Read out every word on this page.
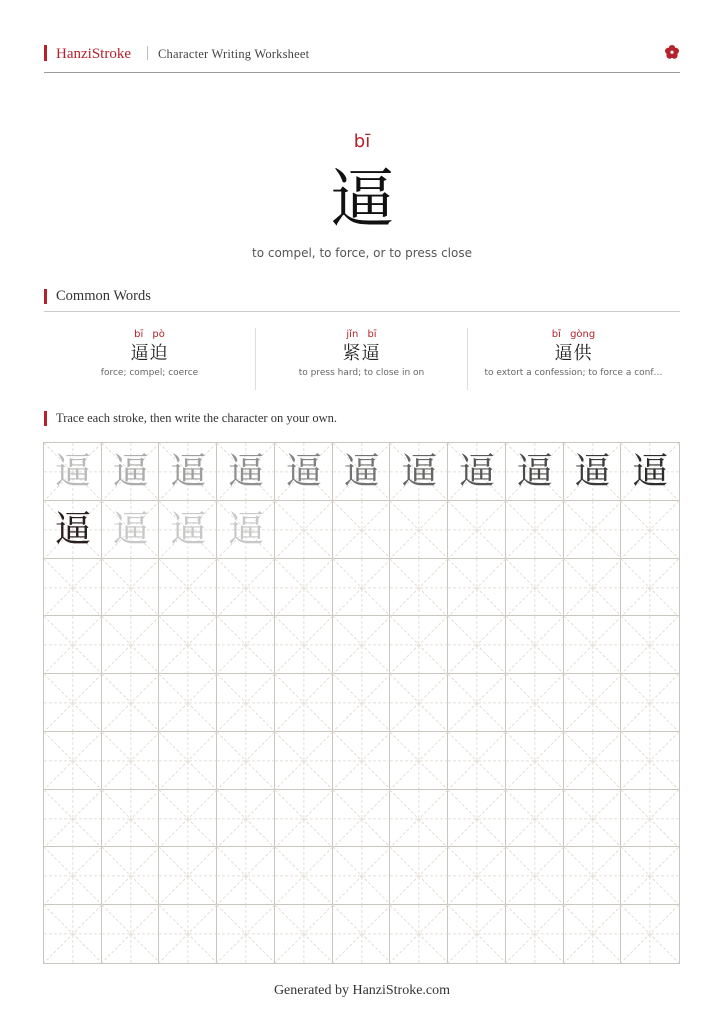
HanziStroke Character Writing Worksheet
bī
逼
to compel, to force, or to press close
Common Words
bī pò
逼迫
force; compel; coerce
jǐn bī
紧逼
to press hard; to close in on
bī gòng
逼供
to extort a confession; to force a conf…
Trace each stroke, then write the character on your own.
逼 逼 逼 逼 逼 逼 逼 逼 逼 逼 逼
逼 逼 逼 逼
Generated by HanziStroke.com
